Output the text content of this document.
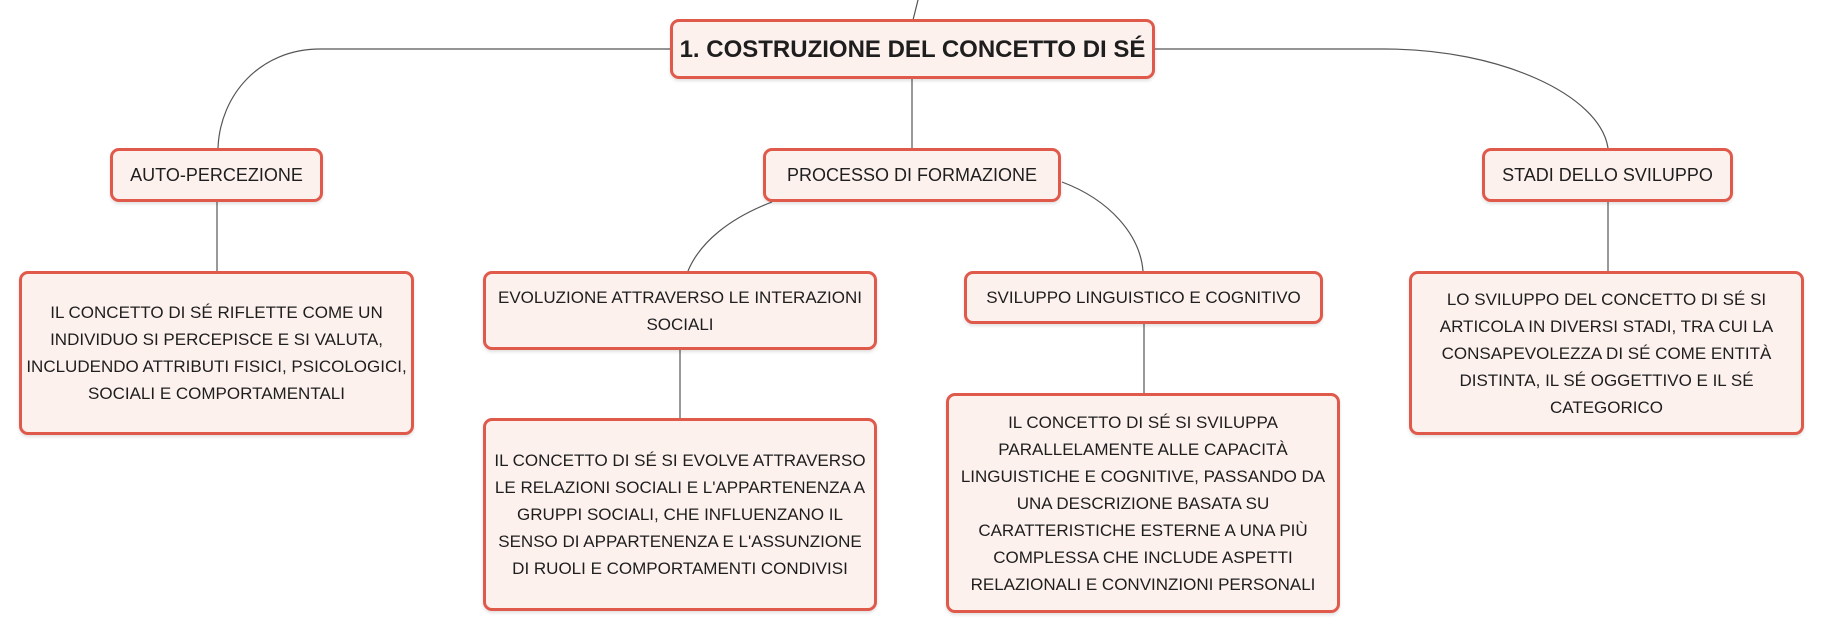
1. COSTRUZIONE DEL CONCETTO DI SÉ
AUTO-PERCEZIONE	PROCESSO DI FORMAZIONE	STADI DELLO SVILUPPO
IL CONCETTO DI SÉ RIFLETTE COME UN INDIVIDUO SI PERCEPISCE E SI VALUTA, INCLUDENDO ATTRIBUTI FISICI, PSICOLOGICI, SOCIALI E COMPORTAMENTALI
EVOLUZIONE ATTRAVERSO LE INTERAZIONI SOCIALI
SVILUPPO LINGUISTICO E COGNITIVO	LO SVILUPPO DEL CONCETTO DI SÉ SI ARTICOLA IN DIVERSI STADI, TRA CUI LA CONSAPEVOLEZZA DI SÉ COME ENTITÀ DISTINTA, IL SÉ OGGETTIVO E IL SÉ CATEGORICO
IL CONCETTO DI SÉ SI EVOLVE ATTRAVERSO LE RELAZIONI SOCIALI E L'APPARTENENZA A GRUPPI SOCIALI, CHE INFLUENZANO IL SENSO DI APPARTENENZA E L'ASSUNZIONE DI RUOLI E COMPORTAMENTI CONDIVISI
IL CONCETTO DI SÉ SI SVILUPPA PARALLELAMENTE ALLE CAPACITÀ LINGUISTICHE E COGNITIVE, PASSANDO DA UNA DESCRIZIONE BASATA SU CARATTERISTICHE ESTERNE A UNA PIÙ COMPLESSA CHE INCLUDE ASPETTI RELAZIONALI E CONVINZIONI PERSONALI
